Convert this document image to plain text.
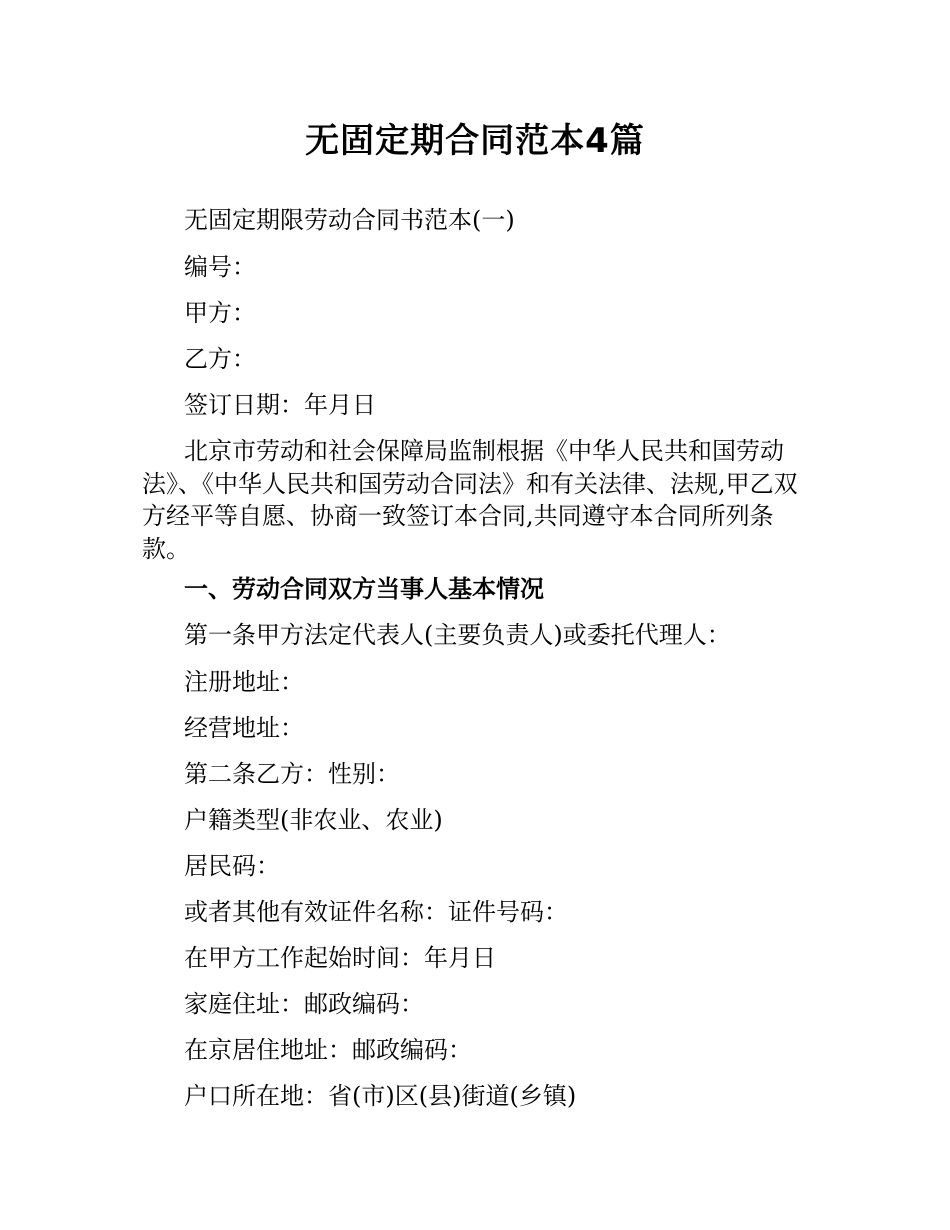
无固定期合同范本4篇
无固定期限劳动合同书范本(一)
编号：
甲方：
乙方：
签订日期：年月日
北京市劳动和社会保障局监制根据《中华人民共和国劳动法》、《中华人民共和国劳动合同法》和有关法律、法规,甲乙双方经平等自愿、协商一致签订本合同,共同遵守本合同所列条款。
一、劳动合同双方当事人基本情况
第一条甲方法定代表人(主要负责人)或委托代理人：
注册地址：
经营地址：
第二条乙方：性别：
户籍类型(非农业、农业)
居民码：
或者其他有效证件名称：证件号码：
在甲方工作起始时间：年月日
家庭住址：邮政编码：
在京居住地址：邮政编码：
户口所在地：省(市)区(县)街道(乡镇)
